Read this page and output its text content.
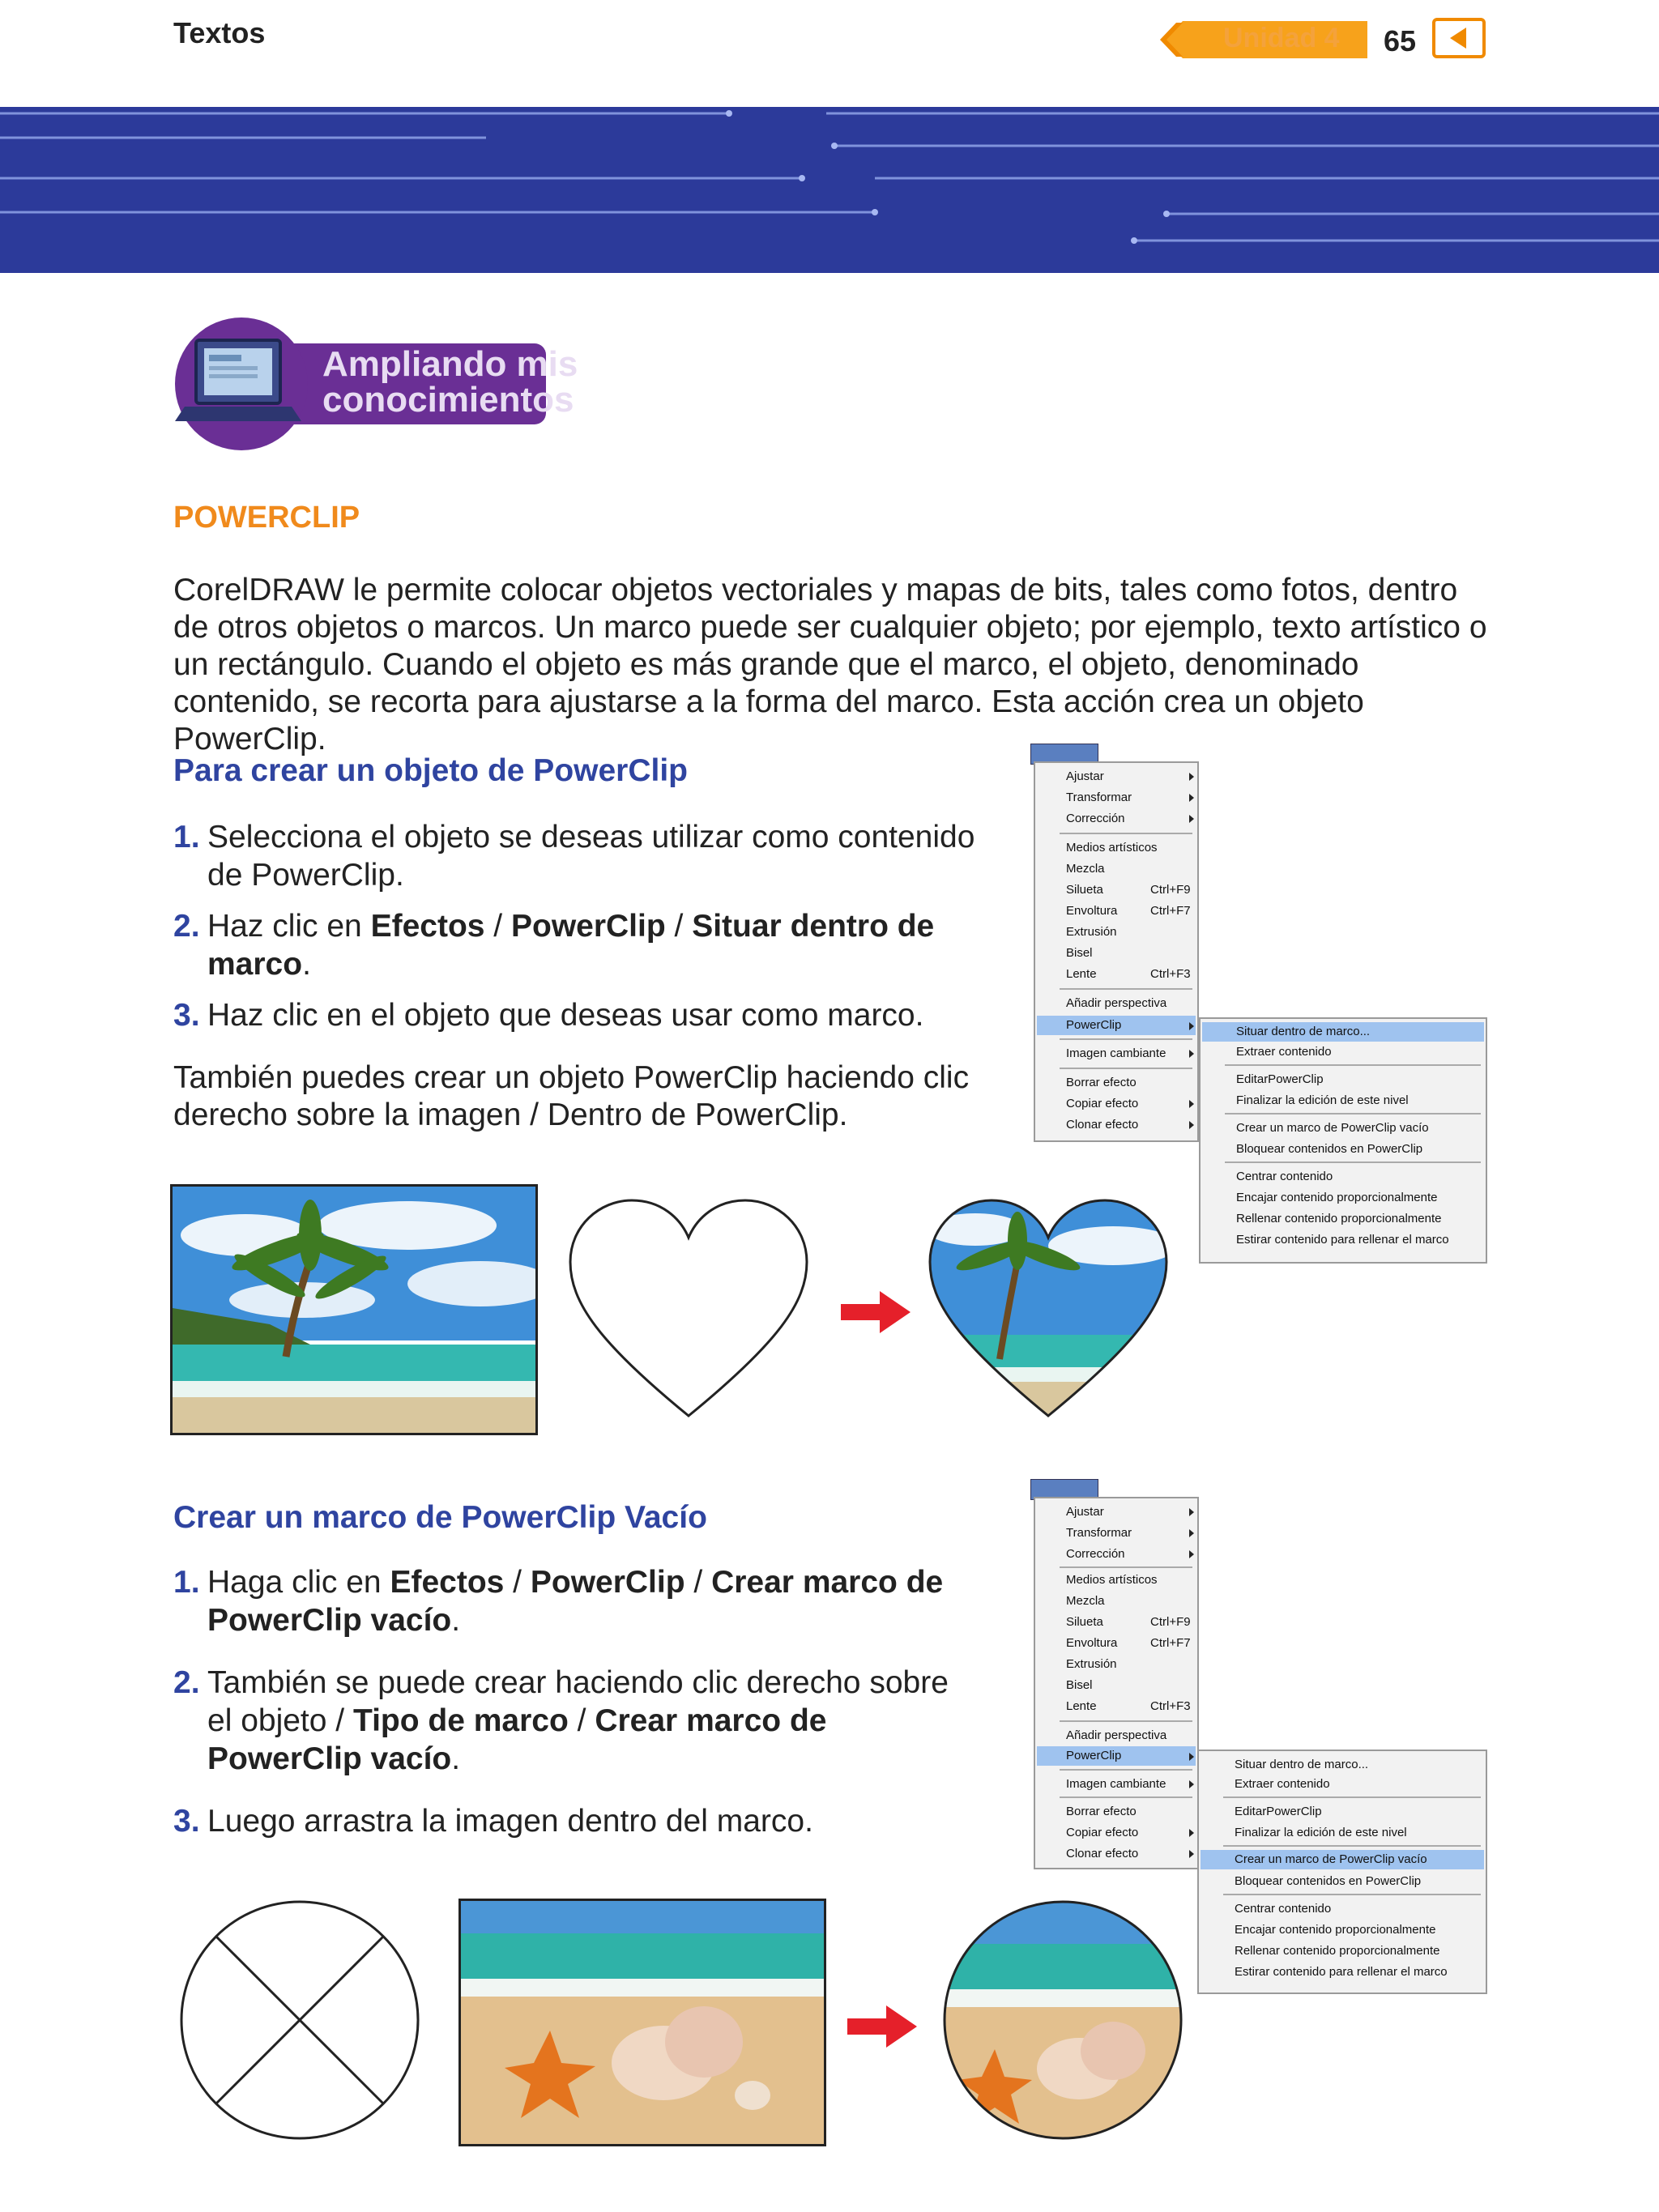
Textos	Unidad 4 65
Ampliando mis
conocimientos
POWERCLIP
CorelDRAW le permite colocar objetos vectoriales y mapas de bits, tales como fotos, dentro de otros objetos o marcos. Un marco puede ser cualquier objeto; por ejemplo, texto artístico o un rectángulo. Cuando el objeto es más grande que el marco, el objeto, denominado contenido, se recorta para ajustarse a la forma del marco. Esta acción crea un objeto PowerClip.
Para crear un objeto de PowerClip
1. Selecciona el objeto se deseas utilizar como contenido de PowerClip.
2. Haz clic en Efectos / PowerClip / Situar dentro de marco.
3. Haz clic en el objeto que deseas usar como marco.
También puedes crear un objeto PowerClip haciendo clic derecho sobre la imagen / Dentro de PowerClip.
Ajustar
Transformar
Corrección
Medios artísticos
Mezcla
Silueta	Ctrl+F9
Envoltura	Ctrl+F7
Extrusión
Bisel
Lente	Ctrl+F3
Añadir perspectiva
PowerClip
Imagen cambiante
Borrar efecto
Copiar efecto
Clonar efecto
Situar dentro de marco...
Extraer contenido
EditarPowerClip
Finalizar la edición de este nivel
Crear un marco de PowerClip vacío
Bloquear contenidos en PowerClip
Centrar contenido
Encajar contenido proporcionalmente
Rellenar contenido proporcionalmente
Estirar contenido para rellenar el marco
Crear un marco de PowerClip Vacío
1. Haga clic en Efectos / PowerClip / Crear marco de PowerClip vacío.
2. También se puede crear haciendo clic derecho sobre el objeto / Tipo de marco / Crear marco de PowerClip vacío.
3. Luego arrastra la imagen dentro del marco.
Ajustar
Transformar
Corrección
Medios artísticos
Mezcla
Silueta	Ctrl+F9
Envoltura	Ctrl+F7
Extrusión
Bisel
Lente	Ctrl+F3
Añadir perspectiva
PowerClip
Imagen cambiante
Borrar efecto
Copiar efecto
Clonar efecto
Situar dentro de marco...
Extraer contenido
EditarPowerClip
Finalizar la edición de este nivel
Crear un marco de PowerClip vacío
Bloquear contenidos en PowerClip
Centrar contenido
Encajar contenido proporcionalmente
Rellenar contenido proporcionalmente
Estirar contenido para rellenar el marco
